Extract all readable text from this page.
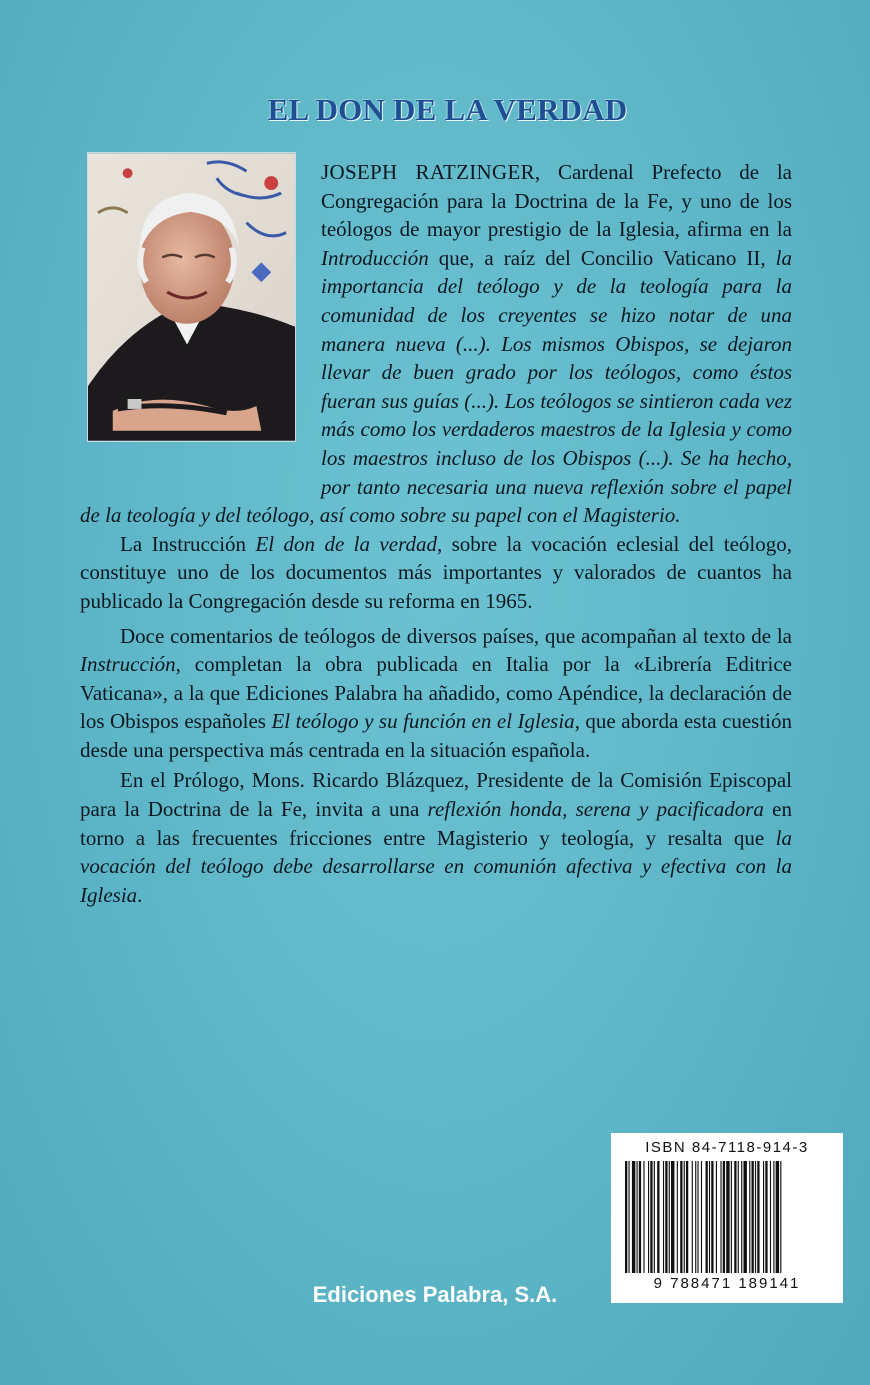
EL DON DE LA VERDAD

JOSEPH RATZINGER, Cardenal Prefecto de la Congregación para la Doctrina de la Fe, y uno de los teólogos de mayor prestigio de la Iglesia, afirma en la Introducción que, a raíz del Concilio Vaticano II, la importancia del teólogo y de la teología para la comunidad de los creyentes se hizo notar de una manera nueva (...). Los mismos Obispos, se dejaron llevar de buen grado por los teólogos, como éstos fueran sus guías (...). Los teólogos se sintieron cada vez más como los verdaderos maestros de la Iglesia y como los maestros incluso de los Obispos (...). Se ha hecho, por tanto necesaria una nueva reflexión sobre el papel de la teología y del teólogo, así como sobre su papel con el Magisterio.

La Instrucción El don de la verdad, sobre la vocación eclesial del teólogo, constituye uno de los documentos más importantes y valorados de cuantos ha publicado la Congregación desde su reforma en 1965.

Doce comentarios de teólogos de diversos países, que acompañan al texto de la Instrucción, completan la obra publicada en Italia por la «Librería Editrice Vaticana», a la que Ediciones Palabra ha añadido, como Apéndice, la declaración de los Obispos españoles El teólogo y su función en el Iglesia, que aborda esta cuestión desde una perspectiva más centrada en la situación española.

En el Prólogo, Mons. Ricardo Blázquez, Presidente de la Comisión Episcopal para la Doctrina de la Fe, invita a una reflexión honda, serena y pacificadora en torno a las frecuentes fricciones entre Magisterio y teología, y resalta que la vocación del teólogo debe desarrollarse en comunión afectiva y efectiva con la Iglesia.

ISBN 84-7118-914-3
9 788471 189141
Ediciones Palabra, S.A.
